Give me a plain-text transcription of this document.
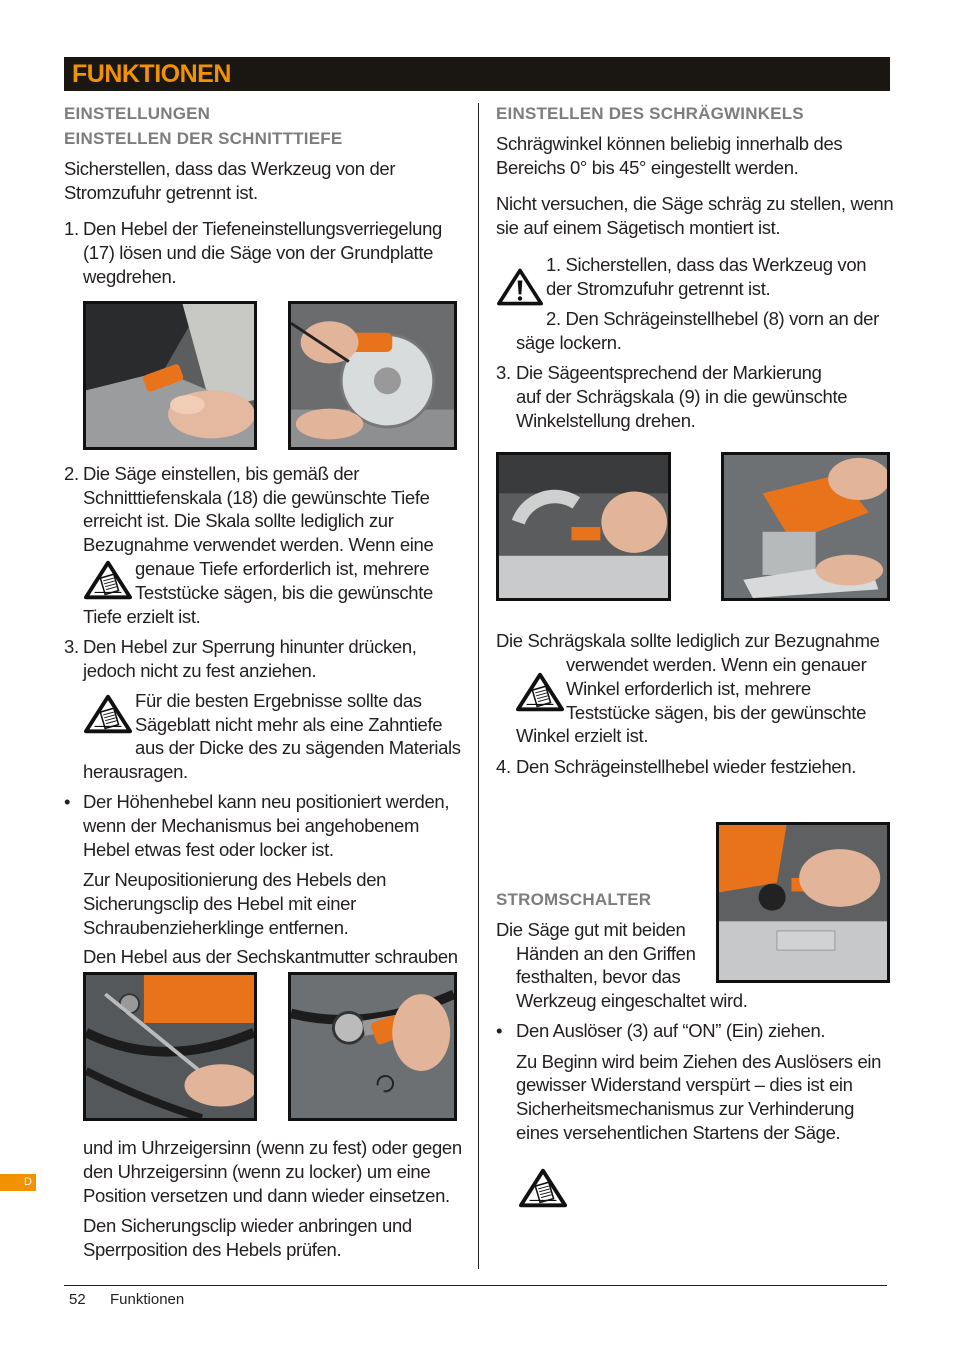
FUNKTIONEN
EINSTELLUNGEN
EINSTELLEN DER SCHNITTTIEFE
Sicherstellen, dass das Werkzeug von der
Stromzufuhr getrennt ist.
1. Den Hebel der Tiefeneinstellungsverriegelung
(17) lösen und die Säge von der Grundplatte
wegdrehen.
2. Die Säge einstellen, bis gemäß der
Schnitttiefenskala (18) die gewünschte Tiefe
erreicht ist. Die Skala sollte lediglich zur
Bezugnahme verwendet werden. Wenn eine
genaue Tiefe erforderlich ist, mehrere
Teststücke sägen, bis die gewünschte
Tiefe erzielt ist.
3. Den Hebel zur Sperrung hinunter drücken,
jedoch nicht zu fest anziehen.
Für die besten Ergebnisse sollte das
Sägeblatt nicht mehr als eine Zahntiefe
aus der Dicke des zu sägenden Materials
herausragen.
• Der Höhenhebel kann neu positioniert werden,
wenn der Mechanismus bei angehobenem
Hebel etwas fest oder locker ist.
Zur Neupositionierung des Hebels den
Sicherungsclip des Hebel mit einer
Schraubenzieherklinge entfernen.
Den Hebel aus der Sechskantmutter schrauben
und im Uhrzeigersinn (wenn zu fest) oder gegen
den Uhrzeigersinn (wenn zu locker) um eine
Position versetzen und dann wieder einsetzen.
Den Sicherungsclip wieder anbringen und
Sperrposition des Hebels prüfen.
EINSTELLEN DES SCHRÄGWINKELS
Schrägwinkel können beliebig innerhalb des
Bereichs 0° bis 45° eingestellt werden.
Nicht versuchen, die Säge schräg zu stellen, wenn
sie auf einem Sägetisch montiert ist.
1. Sicherstellen, dass das Werkzeug von
der Stromzufuhr getrennt ist.
2. Den Schrägeinstellhebel (8) vorn an der
säge lockern.
3. Die Sägeentsprechend der Markierung
auf der Schrägskala (9) in die gewünschte
Winkelstellung drehen.
Die Schrägskala sollte lediglich zur Bezugnahme
verwendet werden. Wenn ein genauer
Winkel erforderlich ist, mehrere
Teststücke sägen, bis der gewünschte
Winkel erzielt ist.
4. Den Schrägeinstellhebel wieder festziehen.
STROMSCHALTER
Die Säge gut mit beiden
Händen an den Griffen
festhalten, bevor das
Werkzeug eingeschaltet wird.
• Den Auslöser (3) auf “ON” (Ein) ziehen.
Zu Beginn wird beim Ziehen des Auslösers ein
gewisser Widerstand verspürt – dies ist ein
Sicherheitsmechanismus zur Verhinderung
eines versehentlichen Startens der Säge.
D
52 Funktionen
